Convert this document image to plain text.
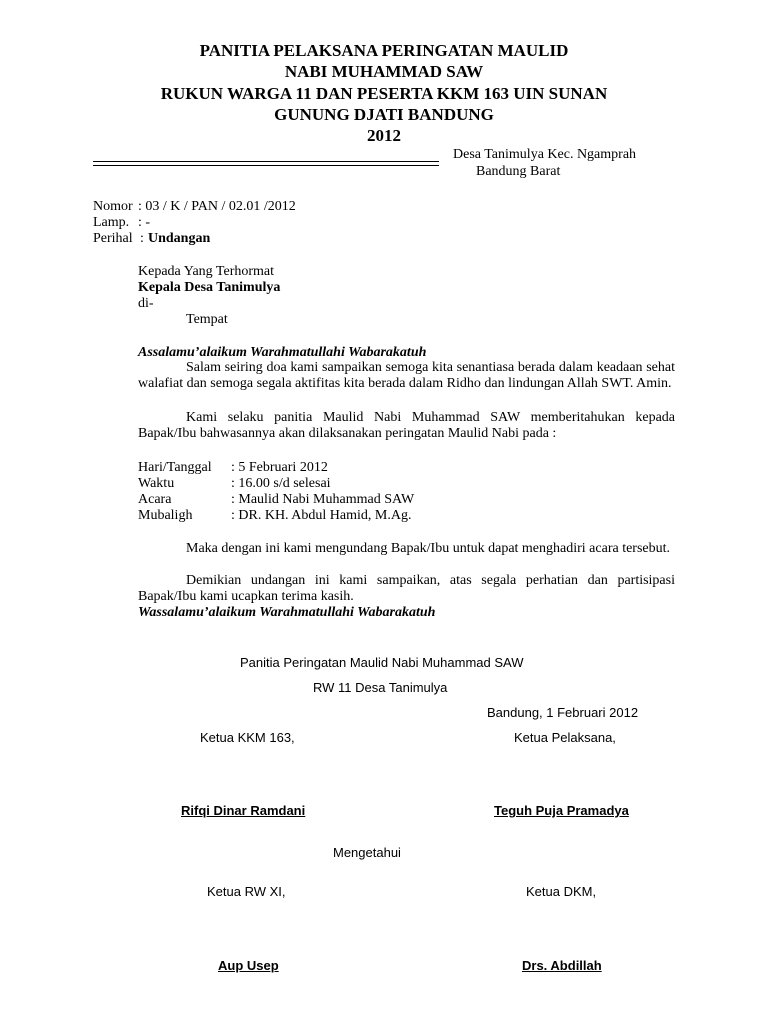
PANITIA PELAKSANA PERINGATAN MAULID
NABI MUHAMMAD SAW
RUKUN WARGA 11 DAN PESERTA KKM 163 UIN SUNAN
GUNUNG DJATI BANDUNG
2012
Desa Tanimulya Kec. Ngamprah
Bandung Barat
Nomor : 03 / K / PAN / 02.01 /2012
Lamp. : -
Perihal : Undangan
Kepada Yang Terhormat
Kepala Desa Tanimulya
di-
Tempat
Assalamu’alaikum Warahmatullahi Wabarakatuh
Salam seiring doa kami sampaikan semoga kita senantiasa berada dalam keadaan sehat walafiat dan semoga segala aktifitas kita berada dalam Ridho dan lindungan Allah SWT. Amin.
Kami selaku panitia Maulid Nabi Muhammad SAW memberitahukan kepada Bapak/Ibu bahwasannya akan dilaksanakan peringatan Maulid Nabi pada :
Hari/Tanggal : 5 Februari 2012
Waktu	: 16.00 s/d selesai
Acara	: Maulid Nabi Muhammad SAW
Mubaligh	: DR. KH. Abdul Hamid, M.Ag.
Maka dengan ini kami mengundang Bapak/Ibu untuk dapat menghadiri acara tersebut.
Demikian undangan ini kami sampaikan, atas segala perhatian dan partisipasi Bapak/Ibu kami ucapkan terima kasih.
Wassalamu’alaikum Warahmatullahi Wabarakatuh
Panitia Peringatan Maulid Nabi Muhammad SAW
RW 11 Desa Tanimulya
Bandung, 1 Februari 2012
Ketua KKM 163,	Ketua Pelaksana,
Rifqi Dinar Ramdani	Teguh Puja Pramadya
Mengetahui
Ketua RW XI,	Ketua DKM,
Aup Usep	Drs. Abdillah
